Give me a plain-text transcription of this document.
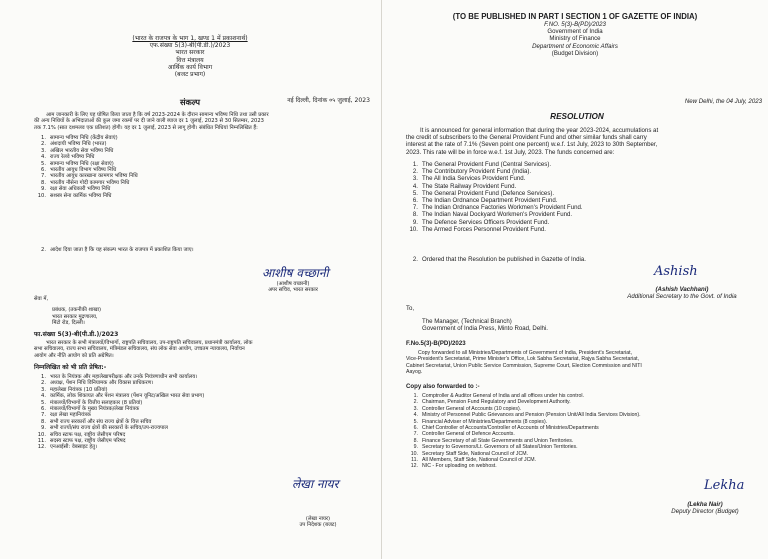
(भारत के राजपत्र के भाग 1, खण्ड 1 में प्रकाशनार्थ)
एफ.संख्या 5(3)-बी(पी.डी.)/2023
भारत सरकार
वित्त मंत्रालय
आर्थिक कार्य विभाग
(बजट प्रभाग)
नई दिल्ली, दिनांक ०५ जुलाई, 2023
संकल्प
आम जानकारी के लिए यह घोषित किया जाता है कि वर्ष 2023-2024 के दौरान सामान्य भविष्य निधि तथा उसी प्रकार
की अन्य निधियों के अभिदाताओं की कुल जमा रकमों पर दी जाने वाली ब्याज दर 1 जुलाई, 2023 से 30 सितम्बर, 2023
तक 7.1% (सात दशमलव एक प्रतिशत) होगी। यह दर 1 जुलाई, 2023 से लागू होगी। संबंधित निधियां निम्नलिखित हैं:
1. सामान्य भविष्य निधि (केंद्रीय सेवाएं)
2. अंशदायी भविष्य निधि (भारत)
3. अखिल भारतीय सेवा भविष्य निधि
4. राज्य रेलवे भविष्य निधि
5. सामान्य भविष्य निधि (रक्षा सेवाएं)
6. भारतीय आयुध विभाग भविष्य निधि
7. भारतीय आयुध कारखाना कामगार भविष्य निधि
8. भारतीय नौसेना गोदी कामगार भविष्य निधि
9. रक्षा सेवा अधिकारी भविष्य निधि
10. सशस्त्र सेना कार्मिक भविष्य निधि
2. आदेश दिया जाता है कि यह संकल्प भारत के राजपत्र में प्रकाशित किया जाए।
आशीष वच्छानी
(आशीष वच्छानी)
अपर सचिव, भारत सरकार
सेवा में,
प्रबंधक, (तकनीकी शाखा)
भारत सरकार मुद्रणालय,
मिंटो रोड, दिल्ली।
फा.संख्या 5(3)-बी(पी.डी.)/2023
भारत सरकार के सभी मंत्रालयों/विभागों, राष्ट्रपति सचिवालय, उप-राष्ट्रपति सचिवालय, प्रधानमंत्री कार्यालय, लोक
सभा सचिवालय, राज्य सभा सचिवालय, मंत्रिमंडल सचिवालय, संघ लोक सेवा आयोग, उच्चतम न्यायालय, निर्वाचन
आयोग और नीति आयोग को प्रति अग्रेषित।
निम्नलिखित को भी प्रति प्रेषित:-
1. भारत के नियंत्रक और महालेखापरीक्षक और उनके नियंत्रणाधीन सभी कार्यालय।
2. अध्यक्ष, पेंशन निधि विनियामक और विकास प्राधिकरण।
3. महालेखा नियंत्रक (10 प्रतियां)
4. कार्मिक, लोक शिकायत और पेंशन मंत्रालय (पेंशन यूनिट/अखिल भारत सेवा प्रभाग)
5. मंत्रालयों/विभागों के वित्तीय सलाहकार (8 प्रतियां)
6. मंत्रालयों/विभागों के मुख्य नियंत्रक/लेखा नियंत्रक
7. रक्षा लेखा महानियंत्रक
8. सभी राज्य सरकारों और संघ राज्य क्षेत्रों के वित्त सचिव
9. सभी राज्यों/संघ राज्य क्षेत्रों की सरकारों के सचिव/उप-राज्यपाल
10. सचिव स्टाफ पक्ष, राष्ट्रीय जेसीएम परिषद
11. सदस्य स्टाफ पक्ष, राष्ट्रीय जेसीएम परिषद
12. एनआईसी: वेबसाइट हेतु।
लेखा नायर
(लेखा नायर)
उप निदेशक (बजट)
(TO BE PUBLISHED IN PART I SECTION 1 OF GAZETTE OF INDIA)
F.NO. 5(3)-B(PD)/2023
Government of India
Ministry of Finance
Department of Economic Affairs
(Budget Division)
New Delhi, the 04 July, 2023
RESOLUTION
It is announced for general information that during the year 2023-2024, accumulations at
the credit of subscribers to the General Provident Fund and other similar funds shall carry
interest at the rate of 7.1% (Seven point one percent) w.e.f. 1st July, 2023 to 30th September,
2023. This rate will be in force w.e.f. 1st July, 2023. The funds concerned are:
1. The General Provident Fund (Central Services).
2. The Contributory Provident Fund (India).
3. The All India Services Provident Fund.
4. The State Railway Provident Fund.
5. The General Provident Fund (Defence Services).
6. The Indian Ordnance Department Provident Fund.
7. The Indian Ordnance Factories Workmen's Provident Fund.
8. The Indian Naval Dockyard Workmen's Provident Fund.
9. The Defence Services Officers Provident Fund.
10. The Armed Forces Personnel Provident Fund.
2. Ordered that the Resolution be published in Gazette of India.
Ashish
(Ashish Vachhani)
Additional Secretary to the Govt. of India
To,
The Manager, (Technical Branch)
Government of India Press, Minto Road, Delhi.
F.No.5(3)-B(PD)/2023
Copy forwarded to all Ministries/Departments of Government of India, President's Secretariat,
Vice-President's Secretariat, Prime Minister's Office, Lok Sabha Secretariat, Rajya Sabha Secretariat,
Cabinet Secretariat, Union Public Service Commission, Supreme Court, Election Commission and NITI
Aayog.
Copy also forwarded to :-
1. Comptroller & Auditor General of India and all offices under his control.
2. Chairman, Pension Fund Regulatory and Development Authority.
3. Controller General of Accounts (10 copies).
4. Ministry of Personnel Public Grievances and Pension (Pension Unit/All India Services Division).
5. Financial Adviser of Ministries/Departments (8 copies).
6. Chief Controller of Accounts/Controller of Accounts of Ministries/Departments
7. Controller General of Defence Accounts.
8. Finance Secretary of all State Governments and Union Territories.
9. Secretary to Governors/Lt. Governors of all States/Union Territories.
10. Secretary Staff Side, National Council of JCM.
11. All Members, Staff Side, National Council of JCM.
12. NIC - For uploading on webhost.
Lekha
(Lekha Nair)
Deputy Director (Budget)
